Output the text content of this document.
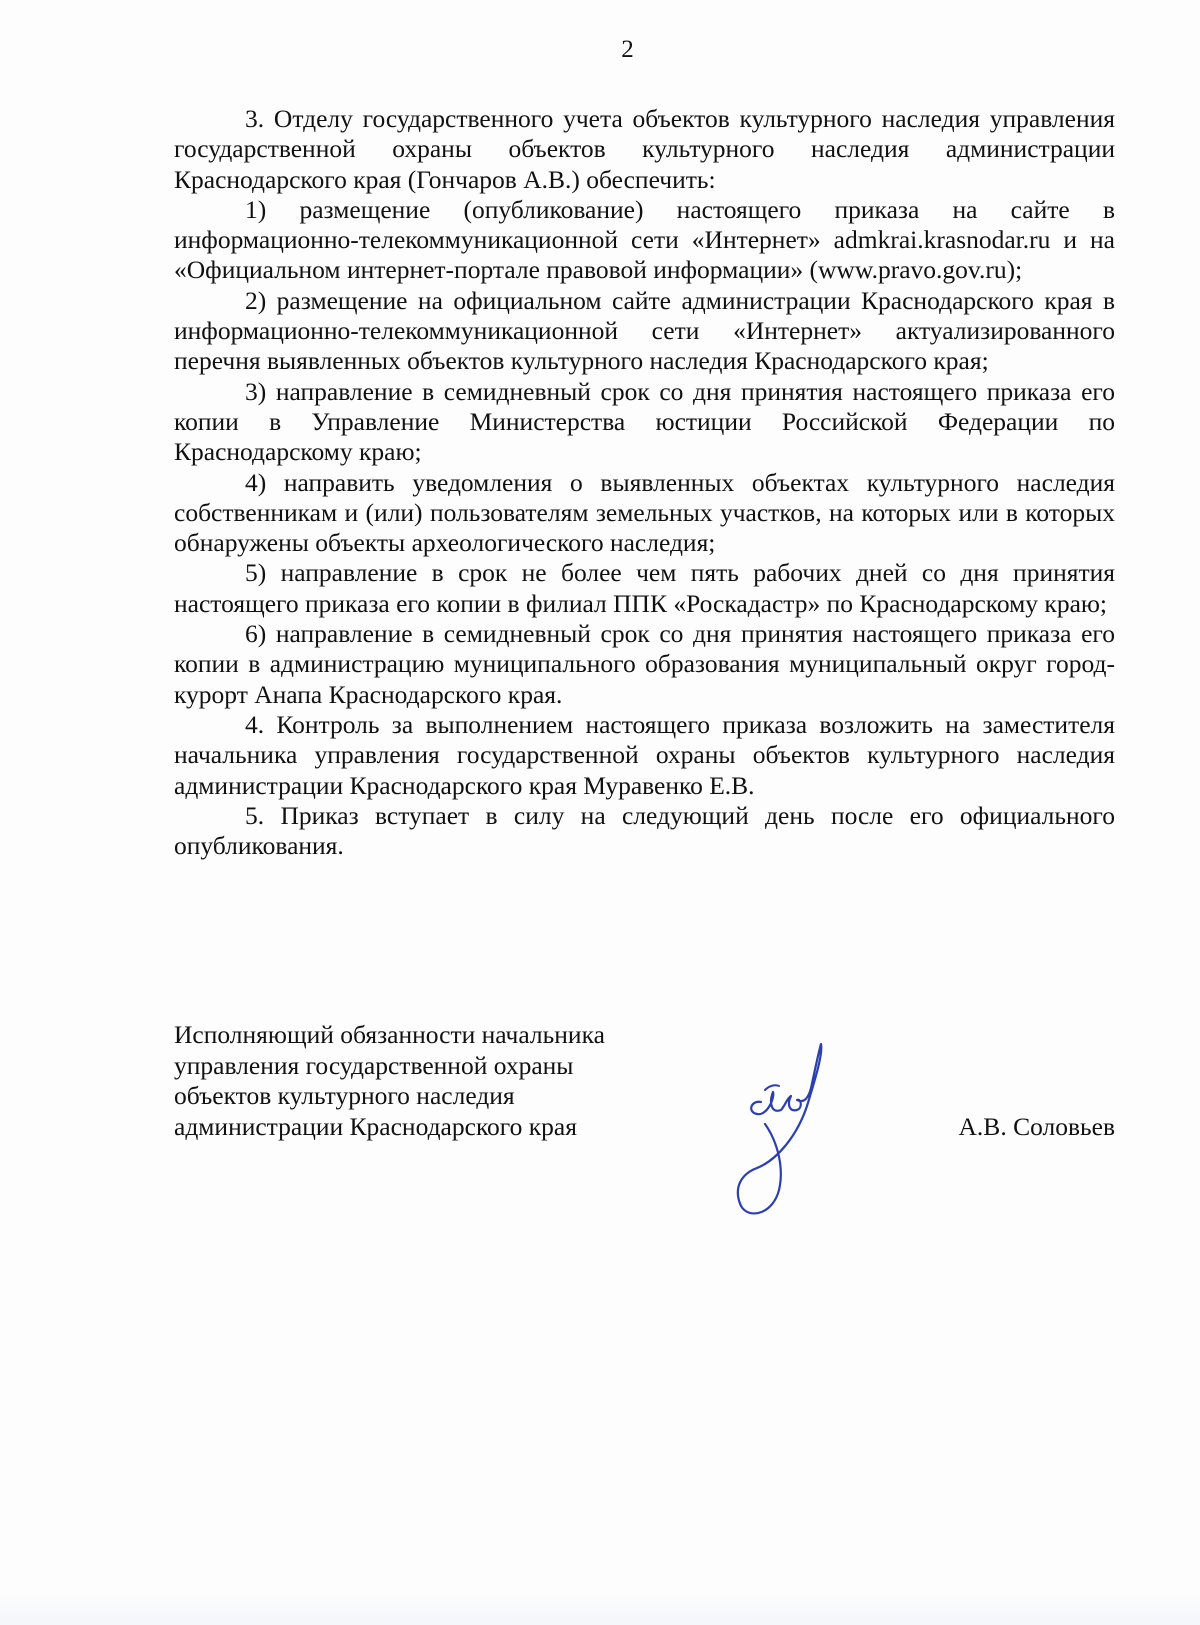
2

3. Отделу государственного учета объектов культурного наследия управления государственной охраны объектов культурного наследия администрации Краснодарского края (Гончаров А.В.) обеспечить:

1) размещение (опубликование) настоящего приказа на сайте в информационно-телекоммуникационной сети «Интернет» admkrai.krasnodar.ru и на «Официальном интернет-портале правовой информации» (www.pravo.gov.ru);

2) размещение на официальном сайте администрации Краснодарского края в информационно-телекоммуникационной сети «Интернет» актуализированного перечня выявленных объектов культурного наследия Краснодарского края;

3) направление в семидневный срок со дня принятия настоящего приказа его копии в Управление Министерства юстиции Российской Федерации по Краснодарскому краю;

4) направить уведомления о выявленных объектах культурного наследия собственникам и (или) пользователям земельных участков, на которых или в которых обнаружены объекты археологического наследия;

5) направление в срок не более чем пять рабочих дней со дня принятия настоящего приказа его копии в филиал ППК «Роскадастр» по Краснодарскому краю;

6) направление в семидневный срок со дня принятия настоящего приказа его копии в администрацию муниципального образования муниципальный округ город-курорт Анапа Краснодарского края.

4. Контроль за выполнением настоящего приказа возложить на заместителя начальника управления государственной охраны объектов культурного наследия администрации Краснодарского края Муравенко Е.В.

5. Приказ вступает в силу на следующий день после его официального опубликования.

Исполняющий обязанности начальника
управления государственной охраны
объектов культурного наследия
администрации Краснодарского края	А.В. Соловьев
